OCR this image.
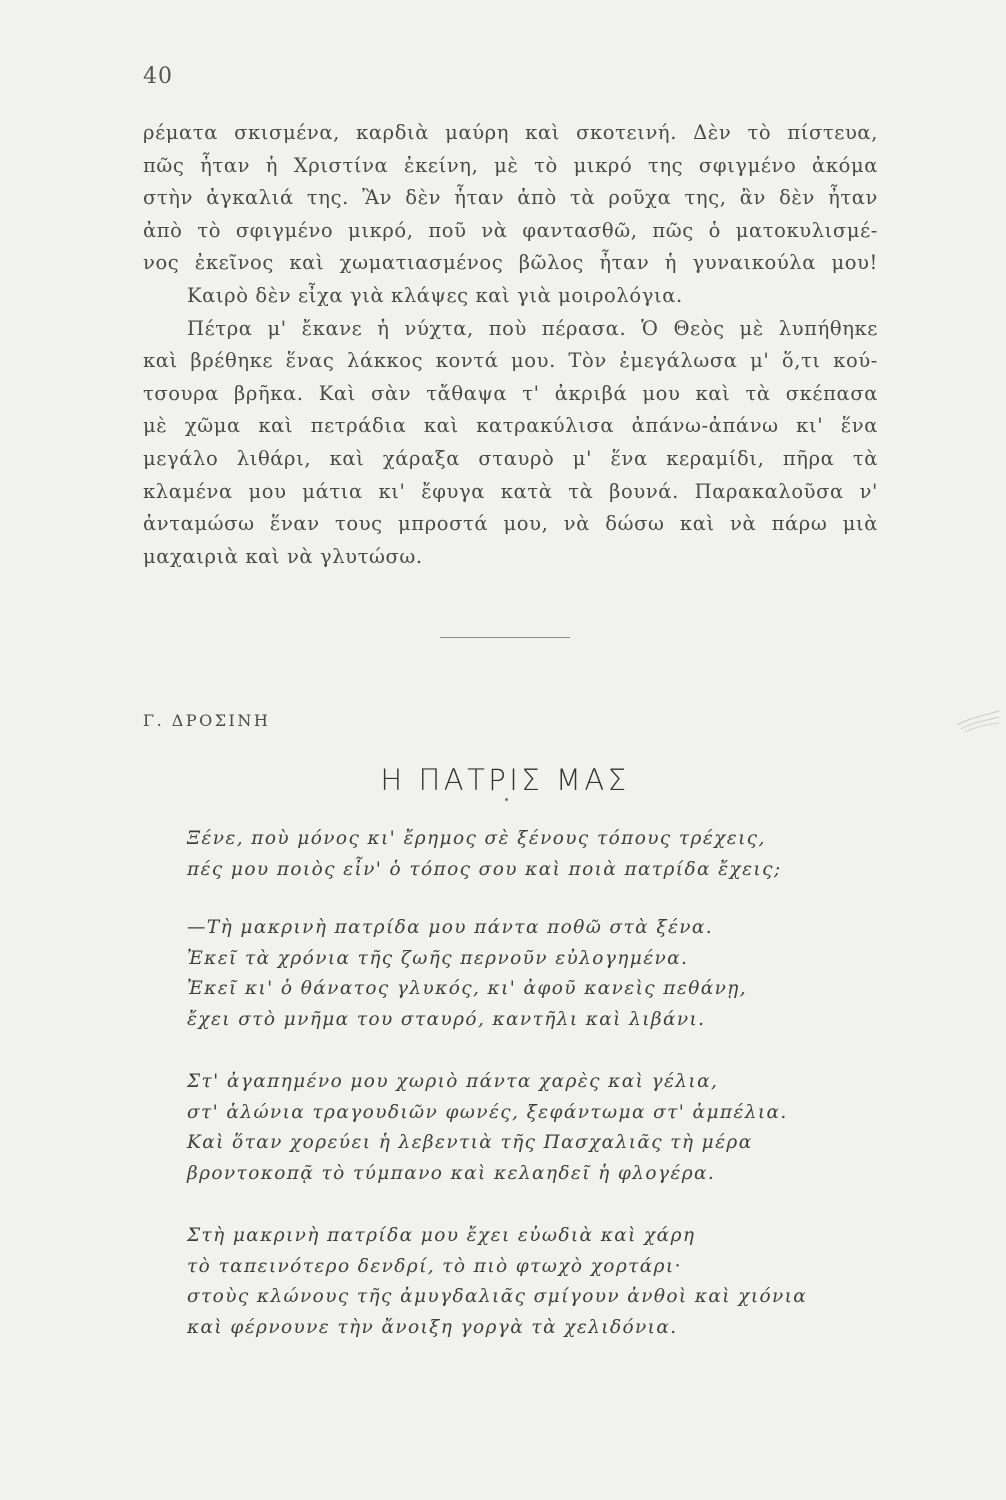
40
ρέματα σκισμένα, καρδιὰ μαύρη καὶ σκοτεινή. Δὲν τὸ πίστευα,
πῶς ἦταν ἡ Χριστίνα ἐκείνη, μὲ τὸ μικρό της σφιγμένο ἀκόμα
στὴν ἀγκαλιά της. Ἂν δὲν ἦταν ἀπὸ τὰ ροῦχα της, ἂν δὲν ἦταν
ἀπὸ τὸ σφιγμένο μικρό, ποῦ νὰ φαντασθῶ, πῶς ὁ ματοκυλισμέ-
νος ἐκεῖνος καὶ χωματιασμένος βῶλος ἦταν ἡ γυναικούλα μου!
Καιρὸ δὲν εἶχα γιὰ κλάψες καὶ γιὰ μοιρολόγια.
Πέτρα μ' ἔκανε ἡ νύχτα, ποὺ πέρασα. Ὁ Θεὸς μὲ λυπήθηκε
καὶ βρέθηκε ἕνας λάκκος κοντά μου. Τὸν ἐμεγάλωσα μ' ὅ,τι κού-
τσουρα βρῆκα. Καὶ σὰν τἄθαψα τ' ἀκριβά μου καὶ τὰ σκέπασα
μὲ χῶμα καὶ πετράδια καὶ κατρακύλισα ἀπάνω-ἀπάνω κι' ἕνα
μεγάλο λιθάρι, καὶ χάραξα σταυρὸ μ' ἕνα κεραμίδι, πῆρα τὰ
κλαμένα μου μάτια κι' ἔφυγα κατὰ τὰ βουνά. Παρακαλοῦσα ν'
ἀνταμώσω ἕναν τους μπροστά μου, νὰ δώσω καὶ νὰ πάρω μιὰ
μαχαιριὰ καὶ νὰ γλυτώσω.
Γ. ΔΡΟΣΙΝΗ
Η ΠΑΤΡΙΣ ΜΑΣ
Ξένε, ποὺ μόνος κι' ἔρημος σὲ ξένους τόπους τρέχεις,
πές μου ποιὸς εἶν' ὁ τόπος σου καὶ ποιὰ πατρίδα ἔχεις;
—Τὴ μακρινὴ πατρίδα μου πάντα ποθῶ στὰ ξένα.
Ἐκεῖ τὰ χρόνια τῆς ζωῆς περνοῦν εὐλογημένα.
Ἐκεῖ κι' ὁ θάνατος γλυκός, κι' ἀφοῦ κανεὶς πεθάνῃ,
ἔχει στὸ μνῆμα του σταυρό, καντῆλι καὶ λιβάνι.
Στ' ἀγαπημένο μου χωριὸ πάντα χαρὲς καὶ γέλια,
στ' ἁλώνια τραγουδιῶν φωνές, ξεφάντωμα στ' ἀμπέλια.
Καὶ ὅταν χορεύει ἡ λεβεντιὰ τῆς Πασχαλιᾶς τὴ μέρα
βροντοκοπᾷ τὸ τύμπανο καὶ κελαηδεῖ ἡ φλογέρα.
Στὴ μακρινὴ πατρίδα μου ἔχει εὐωδιὰ καὶ χάρη
τὸ ταπεινότερο δενδρί, τὸ πιὸ φτωχὸ χορτάρι·
στοὺς κλώνους τῆς ἀμυγδαλιᾶς σμίγουν ἀνθοὶ καὶ χιόνια
καὶ φέρνουνε τὴν ἄνοιξη γοργὰ τὰ χελιδόνια.
